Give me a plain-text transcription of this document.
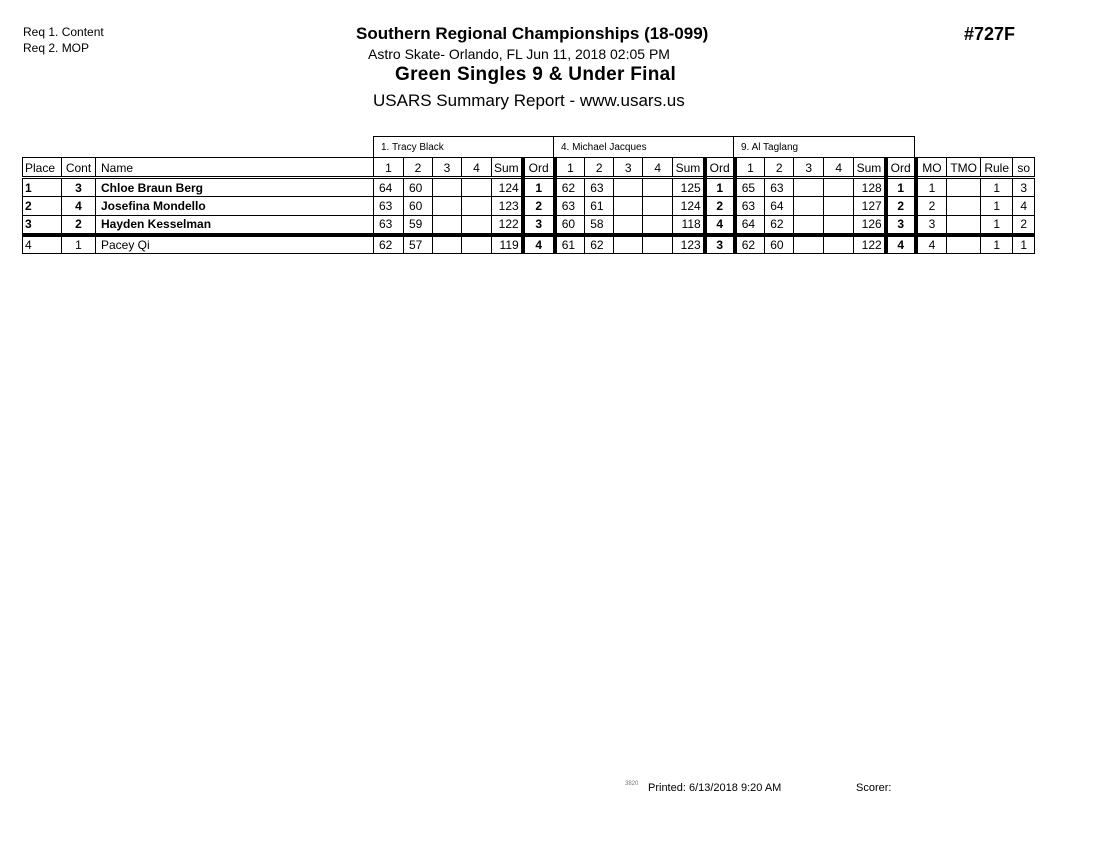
Req 1. Content
Req 2. MOP
Southern Regional Championships (18-099)
Astro Skate- Orlando, FL Jun 11, 2018 02:05 PM
Green Singles 9 & Under Final
USARS Summary Report - www.usars.us
#727F
1. Tracy Black	4. Michael Jacques	9. Al Taglang
Place	Cont	Name	1	2	3	4	Sum	Ord	1	2	3	4	Sum	Ord	1	2	3	4	Sum	Ord	MO	TMO	Rule	so
1	3	Chloe Braun Berg	64	60			124	1	62	63			125	1	65	63			128	1	1		1	3
2	4	Josefina Mondello	63	60			123	2	63	61			124	2	63	64			127	2	2		1	4
3	2	Hayden Kesselman	63	59			122	3	60	58			118	4	64	62			126	3	3		1	2
4	1	Pacey Qi	62	57			119	4	61	62			123	3	62	60			122	4	4		1	1
3820 Printed: 6/13/2018 9:20 AM	Scorer:
